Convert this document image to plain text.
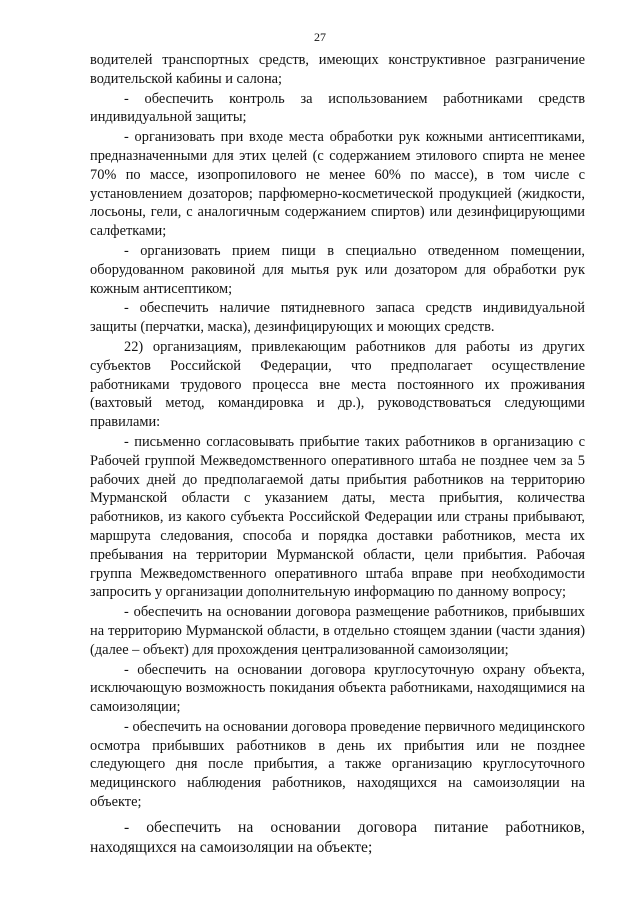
27

водителей транспортных средств, имеющих конструктивное разграничение водительской кабины и салона;

- обеспечить контроль за использованием работниками средств индивидуальной защиты;

- организовать при входе места обработки рук кожными антисептиками, предназначенными для этих целей (с содержанием этилового спирта не менее 70% по массе, изопропилового не менее 60% по массе), в том числе с установлением дозаторов; парфюмерно-косметической продукцией (жидкости, лосьоны, гели, с аналогичным содержанием спиртов) или дезинфицирующими салфетками;

- организовать прием пищи в специально отведенном помещении, оборудованном раковиной для мытья рук или дозатором для обработки рук кожным антисептиком;

- обеспечить наличие пятидневного запаса средств индивидуальной защиты (перчатки, маска), дезинфицирующих и моющих средств.

22) организациям, привлекающим работников для работы из других субъектов Российской Федерации, что предполагает осуществление работниками трудового процесса вне места постоянного их проживания (вахтовый метод, командировка и др.), руководствоваться следующими правилами:

- письменно согласовывать прибытие таких работников в организацию с Рабочей группой Межведомственного оперативного штаба не позднее чем за 5 рабочих дней до предполагаемой даты прибытия работников на территорию Мурманской области с указанием даты, места прибытия, количества работников, из какого субъекта Российской Федерации или страны прибывают, маршрута следования, способа и порядка доставки работников, места их пребывания на территории Мурманской области, цели прибытия. Рабочая группа Межведомственного оперативного штаба вправе при необходимости запросить у организации дополнительную информацию по данному вопросу;

- обеспечить на основании договора размещение работников, прибывших на территорию Мурманской области, в отдельно стоящем здании (части здания) (далее – объект) для прохождения централизованной самоизоляции;

- обеспечить на основании договора круглосуточную охрану объекта, исключающую возможность покидания объекта работниками, находящимися на самоизоляции;

- обеспечить на основании договора проведение первичного медицинского осмотра прибывших работников в день их прибытия или не позднее следующего дня после прибытия, а также организацию круглосуточного медицинского наблюдения работников, находящихся на самоизоляции на объекте;

- обеспечить на основании договора питание работников, находящихся на самоизоляции на объекте;
